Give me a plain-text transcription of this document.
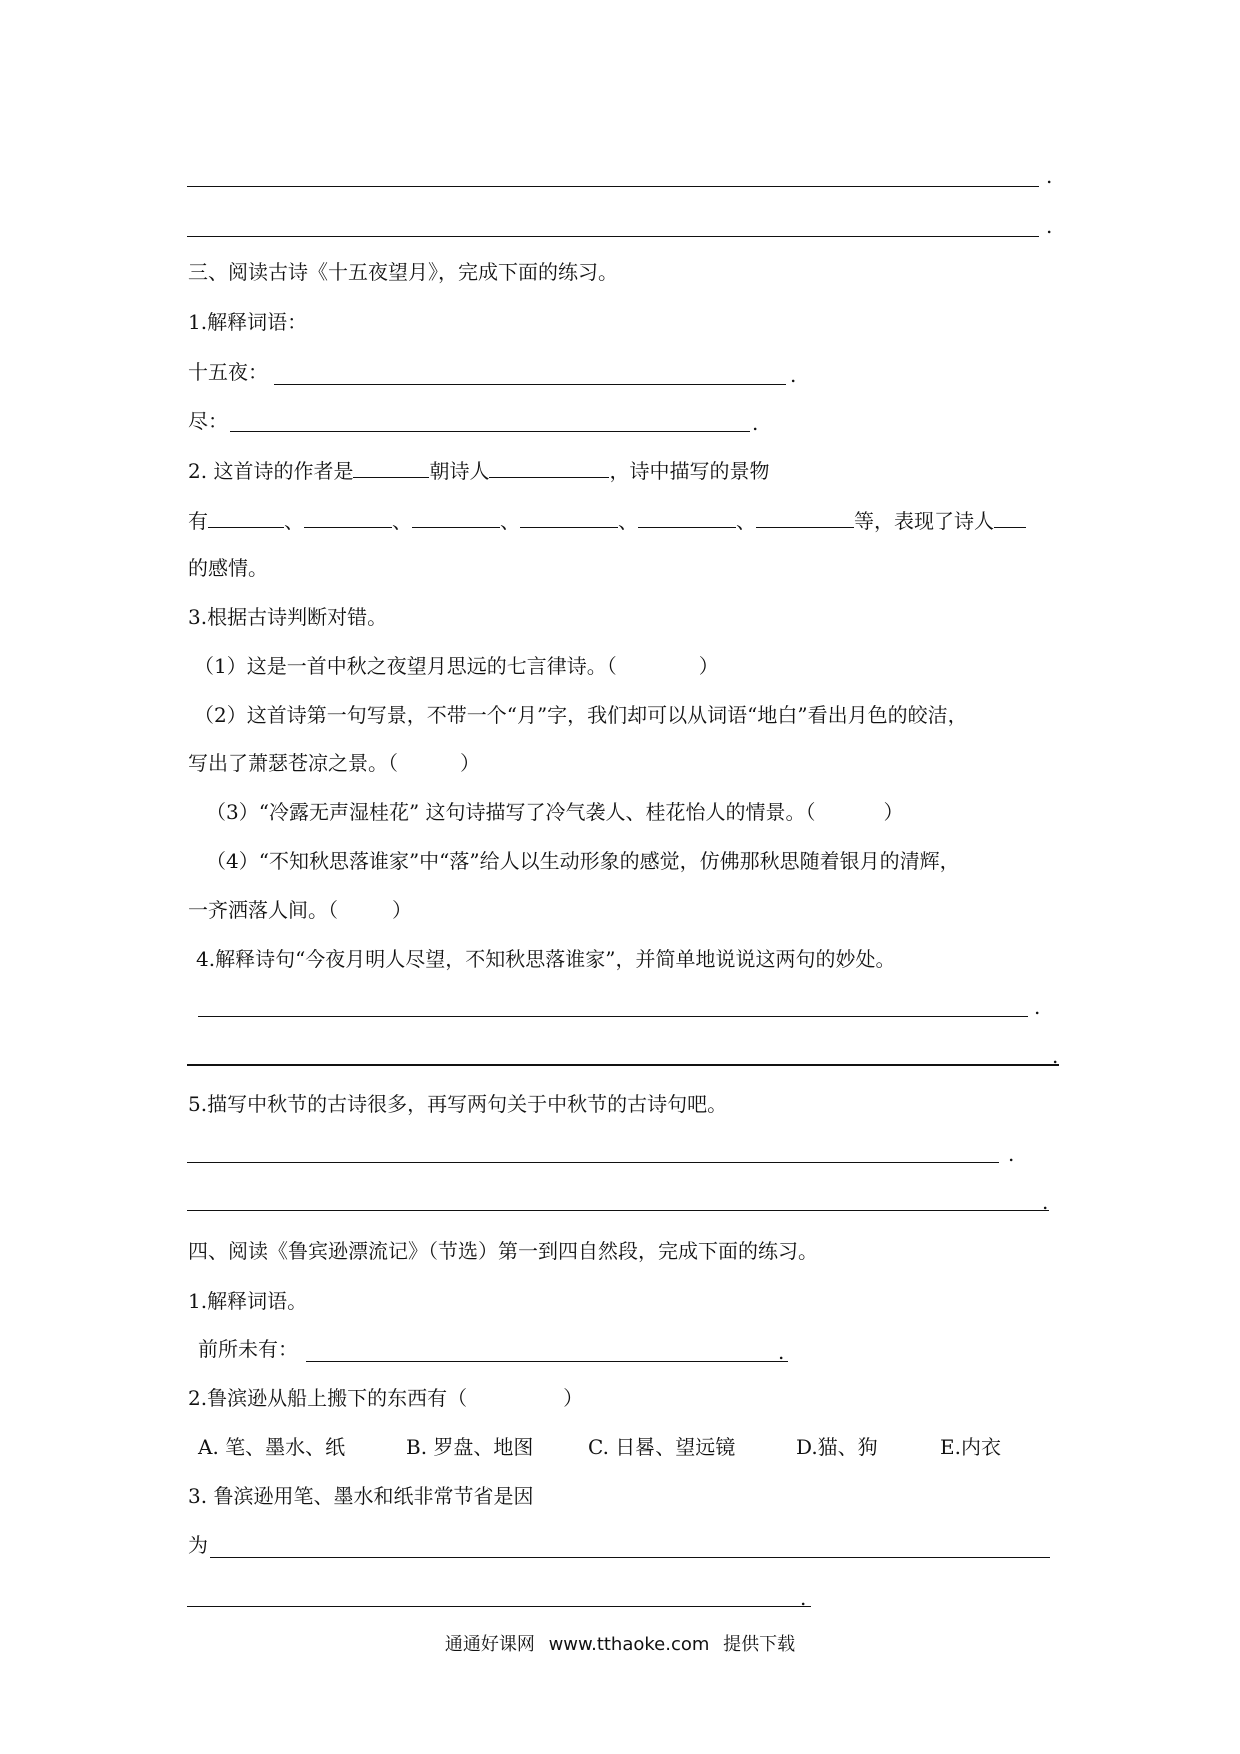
.
.
三、阅读古诗《十五夜望月》，完成下面的练习。
1.解释词语：
十五夜：	.
尽：	.
2. 这首诗的作者是	朝诗人	，诗中描写的景物
有	、	、	、	、	、	等，表现了诗人
的感情。
3.根据古诗判断对错。
（1）这是一首中秋之夜望月思远的七言律诗。（	）
（2）这首诗第一句写景，不带一个“月”字，我们却可以从词语“地白”看出月色的皎洁，
写出了萧瑟苍凉之景。（	）
（3）“冷露无声湿桂花” 这句诗描写了冷气袭人、桂花怡人的情景。（	）
（4）“不知秋思落谁家”中“落”给人以生动形象的感觉，仿佛那秋思随着银月的清辉，
一齐洒落人间。（	）
4.解释诗句“今夜月明人尽望，不知秋思落谁家”，并简单地说说这两句的妙处。
.
.
5.描写中秋节的古诗很多，再写两句关于中秋节的古诗句吧。
.
.
四、阅读《鲁宾逊漂流记》（节选）第一到四自然段，完成下面的练习。
1.解释词语。
前所未有：	.
2.鲁滨逊从船上搬下的东西有（	）
A. 笔、墨水、纸	B. 罗盘、地图	C. 日晷、望远镜	D.猫、狗	E.内衣
3. 鲁滨逊用笔、墨水和纸非常节省是因
为
.
通通好课网 www.tthaoke.com 提供下载
